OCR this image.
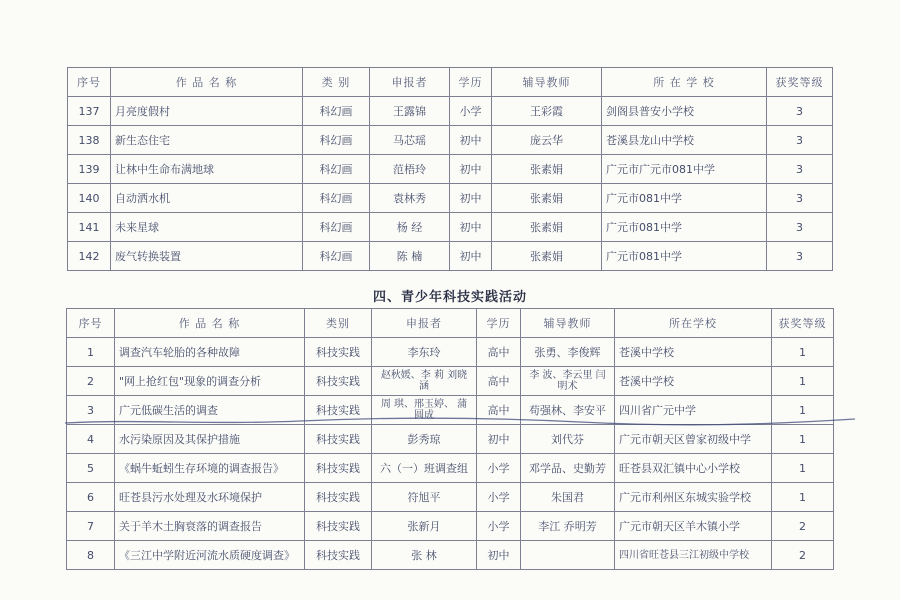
序号	作 品 名 称	类 别	申报者	学历	辅导教师	所 在 学 校	获奖等级
137	月亮度假村	科幻画	王露锦	小学	王彩霞	剑阁县普安小学校	3
138	新生态住宅	科幻画	马芯瑶	初中	庞云华	苍溪县龙山中学校	3
139	让林中生命布满地球	科幻画	范梧玲	初中	张素娟	广元市广元市081中学	3
140	自动洒水机	科幻画	袁林秀	初中	张素娟	广元市081中学	3
141	未来星球	科幻画	杨 经	初中	张素娟	广元市081中学	3
142	废气转换装置	科幻画	陈 楠	初中	张素娟	广元市081中学	3
四、青少年科技实践活动
序号	作 品 名 称	类别	申报者	学历	辅导教师	所在学校	获奖等级
1	调查汽车轮胎的各种故障	科技实践	李东玲	高中	张勇、李俊辉	苍溪中学校	1
2	"网上抢红包"现象的调查分析	科技实践	赵秋媛、李 莉 刘晓涵	高中	李 波、李云里 闫明术	苍溪中学校	1
3	广元低碳生活的调查	科技实践	周 琪、邢玉婷、 蒲圆成	高中	苟强林、李安平	四川省广元中学	1
4	水污染原因及其保护措施	科技实践	彭秀琼	初中	刘代芬	广元市朝天区曾家初级中学	1
5	《蜗牛蚯蚓生存环境的调查报告》	科技实践	六（一）班调查组	小学	邓学品、史勤芳	旺苍县双汇镇中心小学校	1
6	旺苍县污水处理及水环境保护	科技实践	符旭平	小学	朱国君	广元市利州区东城实验学校	1
7	关于羊木土胸衰落的调查报告	科技实践	张新月	小学	李江 乔明芳	广元市朝天区羊木镇小学	2
8	《三江中学附近河流水质硬度调查》	科技实践	张 林	初中		四川省旺苍县三江初级中学校	2
